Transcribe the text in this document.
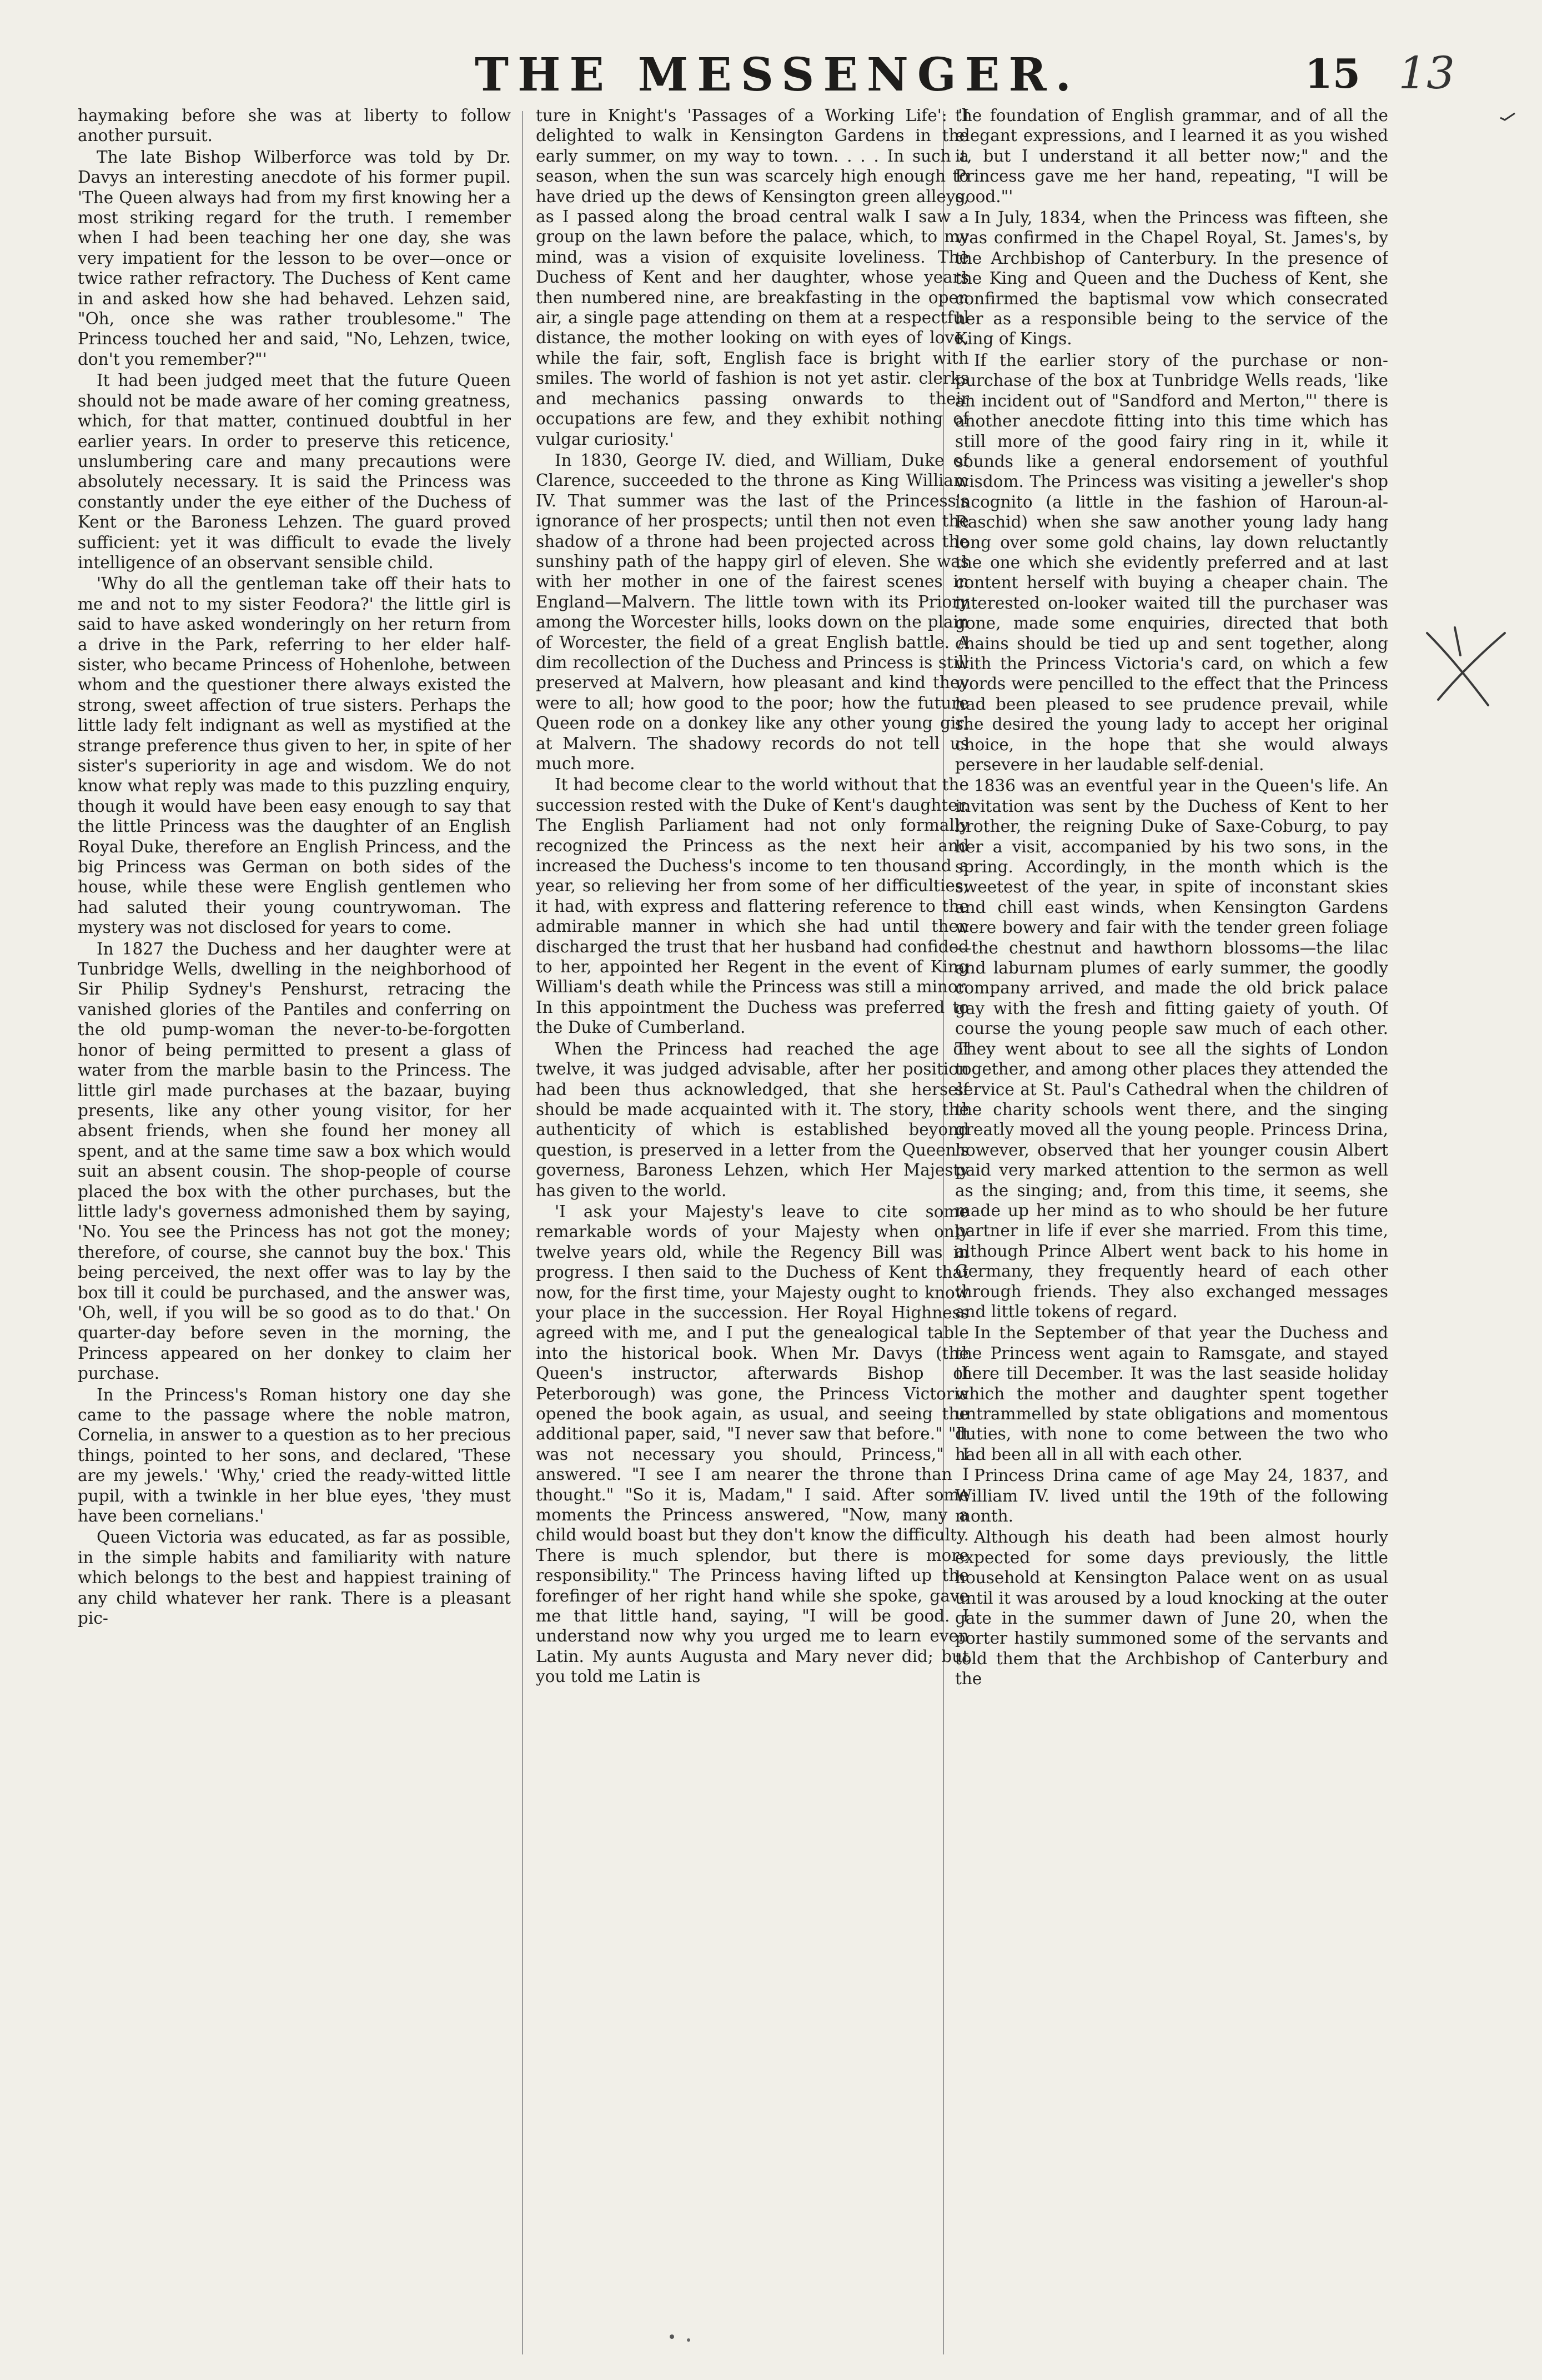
THE MESSENGER.	15 13

haymaking before she was at liberty to follow another pursuit.

The late Bishop Wilberforce was told by Dr. Davys an interesting anecdote of his former pupil. 'The Queen always had from my first knowing her a most striking regard for the truth. I remember when I had been teaching her one day, she was very impatient for the lesson to be over—once or twice rather refractory. The Duchess of Kent came in and asked how she had behaved. Lehzen said, "Oh, once she was rather troublesome." The Princess touched her and said, "No, Lehzen, twice, don't you remember?"'

It had been judged meet that the future Queen should not be made aware of her coming greatness, which, for that matter, continued doubtful in her earlier years. In order to preserve this reticence, unslumbering care and many precautions were absolutely necessary. It is said the Princess was constantly under the eye either of the Duchess of Kent or the Baroness Lehzen. The guard proved sufficient: yet it was difficult to evade the lively intelligence of an observant sensible child.

'Why do all the gentleman take off their hats to me and not to my sister Feodora?' the little girl is said to have asked wonderingly on her return from a drive in the Park, referring to her elder half-sister, who became Princess of Hohenlohe, between whom and the questioner there always existed the strong, sweet affection of true sisters. Perhaps the little lady felt indignant as well as mystified at the strange preference thus given to her, in spite of her sister's superiority in age and wisdom. We do not know what reply was made to this puzzling enquiry, though it would have been easy enough to say that the little Princess was the daughter of an English Royal Duke, therefore an English Princess, and the big Princess was German on both sides of the house, while these were English gentlemen who had saluted their young countrywoman. The mystery was not disclosed for years to come.

In 1827 the Duchess and her daughter were at Tunbridge Wells, dwelling in the neighborhood of Sir Philip Sydney's Penshurst, retracing the vanished glories of the Pantiles and conferring on the old pump-woman the never-to-be-forgotten honor of being permitted to present a glass of water from the marble basin to the Princess. The little girl made purchases at the bazaar, buying presents, like any other young visitor, for her absent friends, when she found her money all spent, and at the same time saw a box which would suit an absent cousin. The shop-people of course placed the box with the other purchases, but the little lady's governess admonished them by saying, 'No. You see the Princess has not got the money; therefore, of course, she cannot buy the box.' This being perceived, the next offer was to lay by the box till it could be purchased, and the answer was, 'Oh, well, if you will be so good as to do that.' On quarter-day before seven in the morning, the Princess appeared on her donkey to claim her purchase.

In the Princess's Roman history one day she came to the passage where the noble matron, Cornelia, in answer to a question as to her precious things, pointed to her sons, and declared, 'These are my jewels.' 'Why,' cried the ready-witted little pupil, with a twinkle in her blue eyes, 'they must have been cornelians.'

Queen Victoria was educated, as far as possible, in the simple habits and familiarity with nature which belongs to the best and happiest training of any child whatever her rank. There is a pleasant pic-

ture in Knight's 'Passages of a Working Life': 'I delighted to walk in Kensington Gardens in the early summer, on my way to town. . . . In such a season, when the sun was scarcely high enough to have dried up the dews of Kensington green alleys, as I passed along the broad central walk I saw a group on the lawn before the palace, which, to my mind, was a vision of exquisite loveliness. The Duchess of Kent and her daughter, whose years then numbered nine, are breakfasting in the open air, a single page attending on them at a respectful distance, the mother looking on with eyes of love, while the fair, soft, English face is bright with smiles. The world of fashion is not yet astir. clerks and mechanics passing onwards to their occupations are few, and they exhibit nothing of vulgar curiosity.'

In 1830, George IV. died, and William, Duke of Clarence, succeeded to the throne as King William IV. That summer was the last of the Princess's ignorance of her prospects; until then not even the shadow of a throne had been projected across the sunshiny path of the happy girl of eleven. She was with her mother in one of the fairest scenes in England—Malvern. The little town with its Priory among the Worcester hills, looks down on the plain of Worcester, the field of a great English battle. A dim recollection of the Duchess and Princess is still preserved at Malvern, how pleasant and kind they were to all; how good to the poor; how the future Queen rode on a donkey like any other young girl at Malvern. The shadowy records do not tell us much more.

It had become clear to the world without that the succession rested with the Duke of Kent's daughter. The English Parliament had not only formally recognized the Princess as the next heir and increased the Duchess's income to ten thousand a year, so relieving her from some of her difficulties; it had, with express and flattering reference to the admirable manner in which she had until then discharged the trust that her husband had confided to her, appointed her Regent in the event of King William's death while the Princess was still a minor. In this appointment the Duchess was preferred to the Duke of Cumberland.

When the Princess had reached the age of twelve, it was judged advisable, after her position had been thus acknowledged, that she herself should be made acquainted with it. The story, the authenticity of which is established beyond question, is preserved in a letter from the Queen's governess, Baroness Lehzen, which Her Majesty has given to the world.

'I ask your Majesty's leave to cite some remarkable words of your Majesty when only twelve years old, while the Regency Bill was in progress. I then said to the Duchess of Kent that now, for the first time, your Majesty ought to know your place in the succession. Her Royal Highness agreed with me, and I put the genealogical table into the historical book. When Mr. Davys (the Queen's instructor, afterwards Bishop of Peterborough) was gone, the Princess Victoria opened the book again, as usual, and seeing the additional paper, said, "I never saw that before." "It was not necessary you should, Princess," I answered. "I see I am nearer the throne than I thought." "So it is, Madam," I said. After some moments the Princess answered, "Now, many a child would boast but they don't know the difficulty. There is much splendor, but there is more responsibility." The Princess having lifted up the forefinger of her right hand while she spoke, gave me that little hand, saying, "I will be good. I understand now why you urged me to learn even Latin. My aunts Augusta and Mary never did; but you told me Latin is

the foundation of English grammar, and of all the elegant expressions, and I learned it as you wished it, but I understand it all better now;" and the Princess gave me her hand, repeating, "I will be good."'

In July, 1834, when the Princess was fifteen, she was confirmed in the Chapel Royal, St. James's, by the Archbishop of Canterbury. In the presence of the King and Queen and the Duchess of Kent, she confirmed the baptismal vow which consecrated her as a responsible being to the service of the King of Kings.

If the earlier story of the purchase or non-purchase of the box at Tunbridge Wells reads, 'like an incident out of "Sandford and Merton,"' there is another anecdote fitting into this time which has still more of the good fairy ring in it, while it sounds like a general endorsement of youthful wisdom. The Princess was visiting a jeweller's shop incognito (a little in the fashion of Haroun-al-Raschid) when she saw another young lady hang long over some gold chains, lay down reluctantly the one which she evidently preferred and at last content herself with buying a cheaper chain. The interested on-looker waited till the purchaser was gone, made some enquiries, directed that both chains should be tied up and sent together, along with the Princess Victoria's card, on which a few words were pencilled to the effect that the Princess had been pleased to see prudence prevail, while she desired the young lady to accept her original choice, in the hope that she would always persevere in her laudable self-denial.

1836 was an eventful year in the Queen's life. An invitation was sent by the Duchess of Kent to her brother, the reigning Duke of Saxe-Coburg, to pay her a visit, accompanied by his two sons, in the spring. Accordingly, in the month which is the sweetest of the year, in spite of inconstant skies and chill east winds, when Kensington Gardens were bowery and fair with the tender green foliage—the chestnut and hawthorn blossoms—the lilac and laburnam plumes of early summer, the goodly company arrived, and made the old brick palace gay with the fresh and fitting gaiety of youth. Of course the young people saw much of each other. They went about to see all the sights of London together, and among other places they attended the service at St. Paul's Cathedral when the children of the charity schools went there, and the singing greatly moved all the young people. Princess Drina, however, observed that her younger cousin Albert paid very marked attention to the sermon as well as the singing; and, from this time, it seems, she made up her mind as to who should be her future partner in life if ever she married. From this time, although Prince Albert went back to his home in Germany, they frequently heard of each other through friends. They also exchanged messages and little tokens of regard.

In the September of that year the Duchess and the Princess went again to Ramsgate, and stayed there till December. It was the last seaside holiday which the mother and daughter spent together untrammelled by state obligations and momentous duties, with none to come between the two who had been all in all with each other.

Princess Drina came of age May 24, 1837, and William IV. lived until the 19th of the following month.

Although his death had been almost hourly expected for some days previously, the little household at Kensington Palace went on as usual until it was aroused by a loud knocking at the outer gate in the summer dawn of June 20, when the porter hastily summoned some of the servants and told them that the Archbishop of Canterbury and the
